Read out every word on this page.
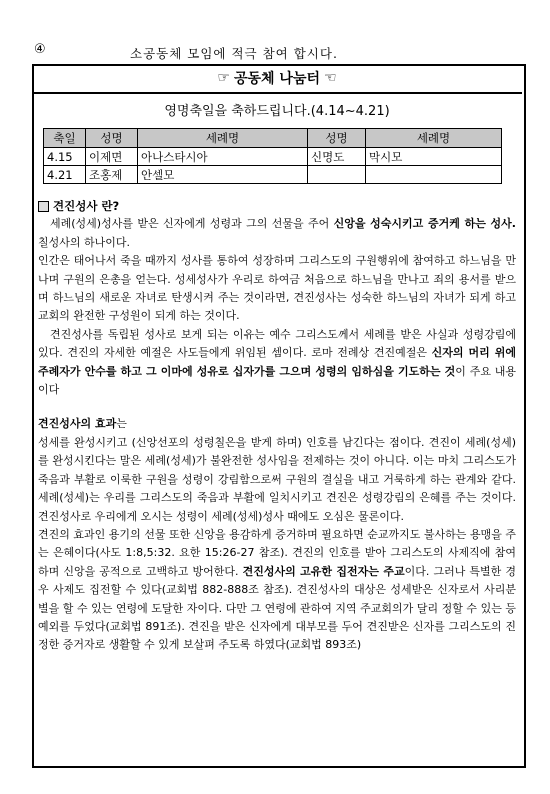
④	소공동체 모임에 적극 참여 합시다.
☞ 공동체 나눔터 ☜
영명축일을 축하드립니다.(4.14~4.21)
축일	성명	세례명	성명	세례명
4.15	이제면	아나스타시아	신명도	막시모
4.21	조홍제	안셀모		
견진성사 란?

세례(성세)성사를 받은 신자에게 성령과 그의 선물을 주어 신앙을 성숙시키고 증거케 하는 성사. 칠성사의 하나이다.

인간은 태어나서 죽을 때까지 성사를 통하여 성장하며 그리스도의 구원행위에 참여하고 하느님을 만나며 구원의 은총을 얻는다. 성세성사가 우리로 하여금 처음으로 하느님을 만나고 죄의 용서를 받으며 하느님의 새로운 자녀로 탄생시켜 주는 것이라면, 견진성사는 성숙한 하느님의 자녀가 되게 하고 교회의 완전한 구성원이 되게 하는 것이다.

견진성사를 독립된 성사로 보게 되는 이유는 예수 그리스도께서 세례를 받은 사실과 성령강림에 있다. 견진의 자세한 예절은 사도들에게 위임된 셈이다. 로마 전례상 견진예절은 신자의 머리 위에 주례자가 안수를 하고 그 이마에 성유로 십자가를 그으며 성령의 임하심을 기도하는 것이 주요 내용이다

견진성사의 효과는

성세를 완성시키고 (신앙선포의 성령칠은을 받게 하며) 인호를 남긴다는 점이다. 견진이 세례(성세)를 완성시킨다는 말은 세례(성세)가 불완전한 성사임을 전제하는 것이 아니다. 이는 마치 그리스도가 죽음과 부활로 이룩한 구원을 성령이 강림함으로써 구원의 결실을 내고 거룩하게 하는 관계와 같다. 세례(성세)는 우리를 그리스도의 죽음과 부활에 일치시키고 견진은 성령강림의 은혜를 주는 것이다. 견진성사로 우리에게 오시는 성령이 세례(성세)성사 때에도 오심은 물론이다.

견진의 효과인 용기의 선물 또한 신앙을 용감하게 증거하며 필요하면 순교까지도 불사하는 용맹을 주는 은혜이다(사도 1:8,5:32. 요한 15:26-27 참조). 견진의 인호를 받아 그리스도의 사제직에 참여하며 신앙을 공적으로 고백하고 방어한다. 견진성사의 고유한 집전자는 주교이다. 그러나 특별한 경우 사제도 집전할 수 있다(교회법 882-888조 참조). 견진성사의 대상은 성세받은 신자로서 사리분별을 할 수 있는 연령에 도달한 자이다. 다만 그 연령에 관하여 지역 주교회의가 달리 정할 수 있는 등 예외를 두었다(교회법 891조). 견진을 받은 신자에게 대부모를 두어 견진받은 신자를 그리스도의 진정한 증거자로 생활할 수 있게 보살펴 주도록 하였다(교회법 893조)
